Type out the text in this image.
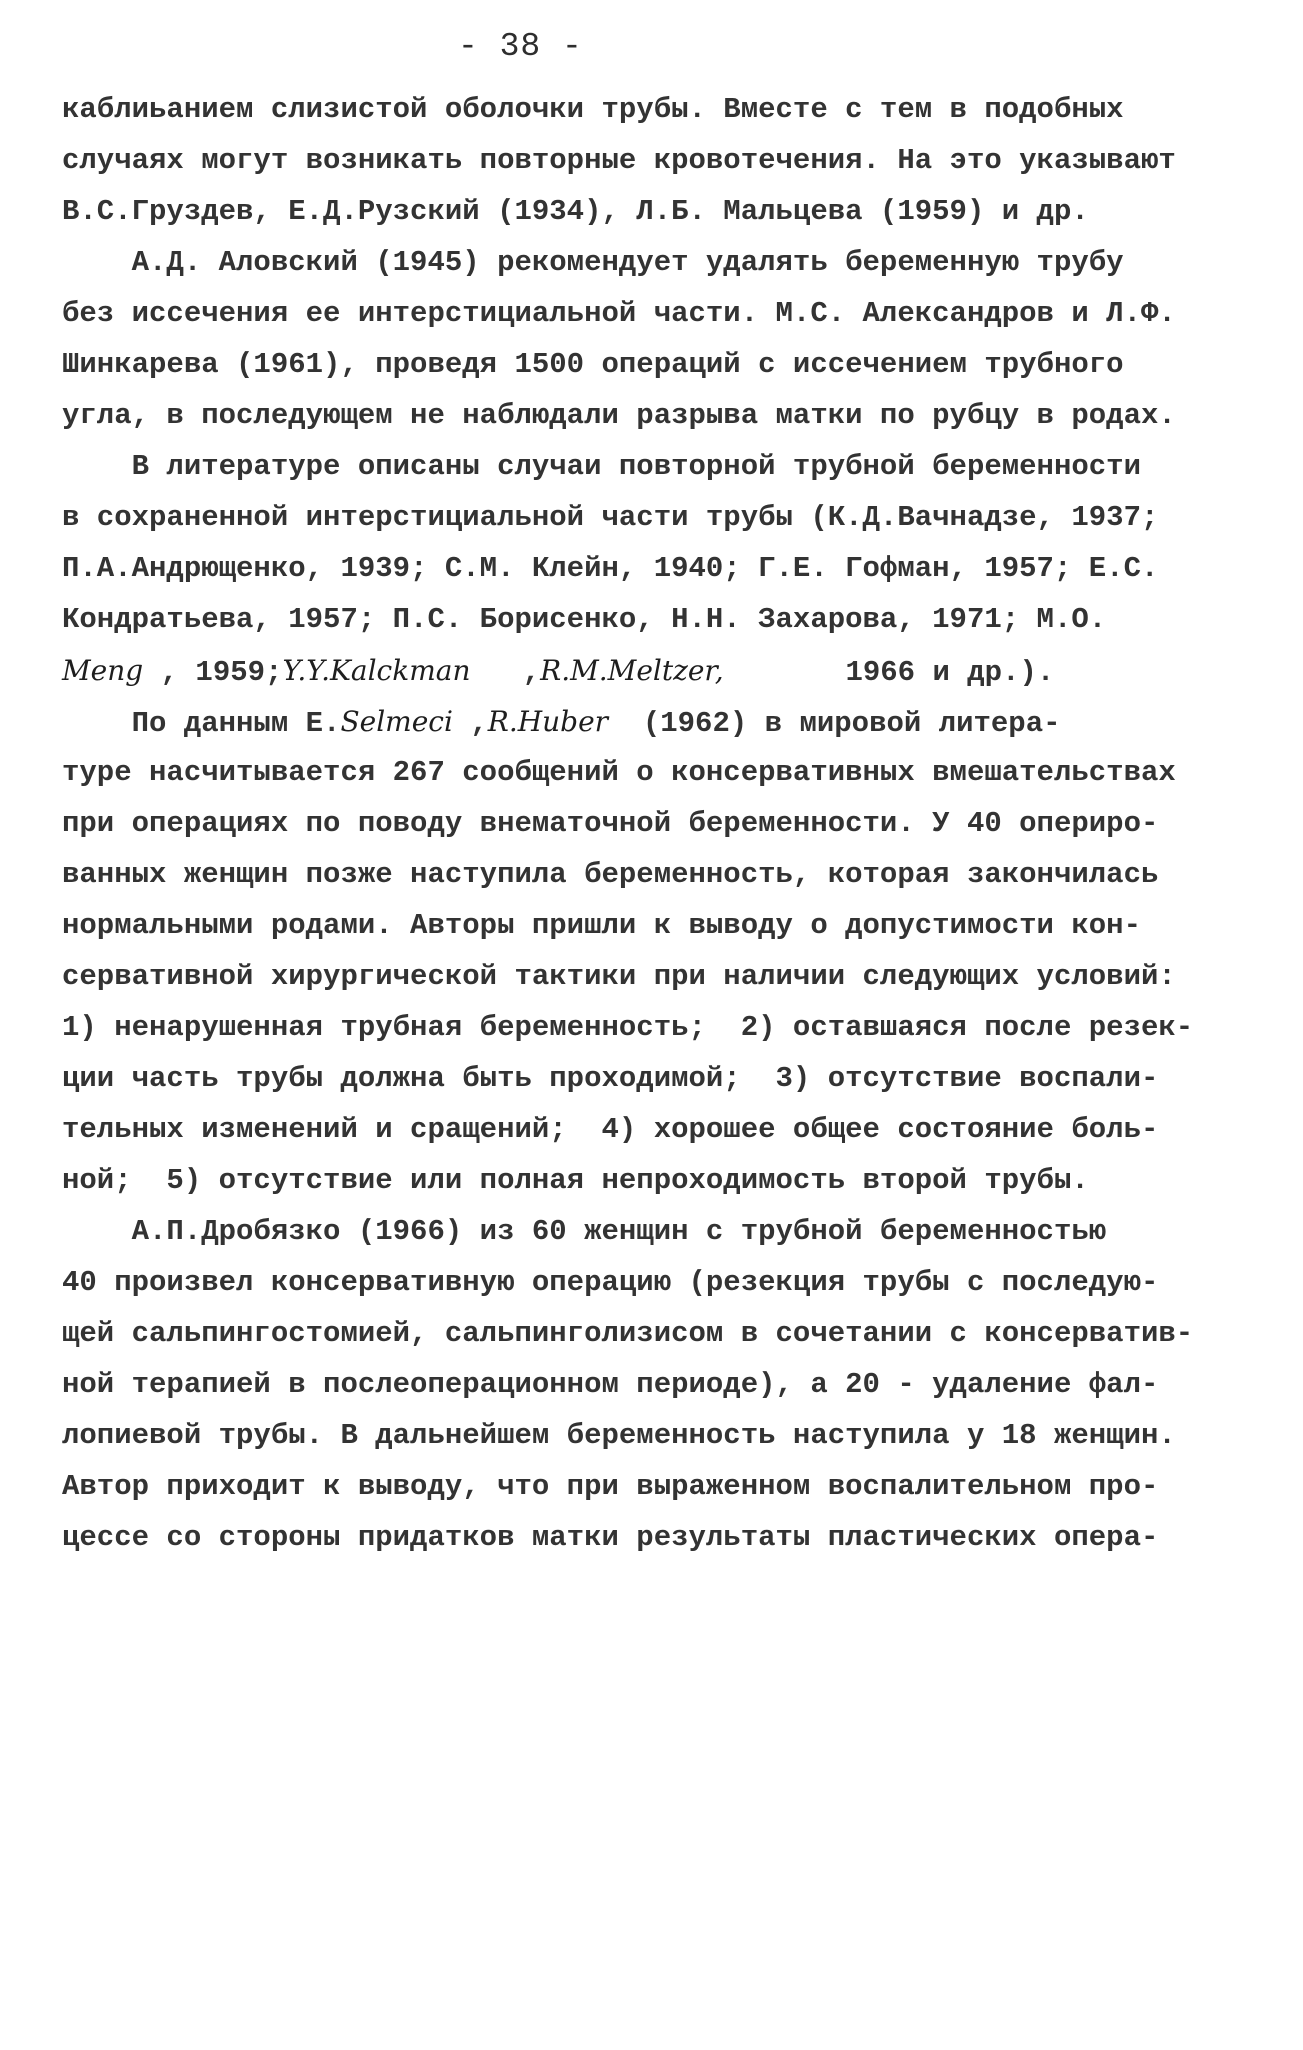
- 38 -
каблиьанием слизистой оболочки трубы. Вместе с тем в подобных
случаях могут возникать повторные кровотечения. На это указывают
В.С.Груздев, Е.Д.Рузский (1934), Л.Б. Мальцева (1959) и др.
А.Д. Аловский (1945) рекомендует удалять беременную трубу
без иссечения ее интерстициальной части. М.С. Александров и Л.Ф.
Шинкарева (1961), проведя 1500 операций с иссечением трубного
угла, в последующем не наблюдали разрыва матки по рубцу в родах.
В литературе описаны случаи повторной трубной беременности
в сохраненной интерстициальной части трубы (К.Д.Вачнадзе, 1937;
П.А.Андрющенко, 1939; С.М. Клейн, 1940; Г.Е. Гофман, 1957; Е.С.
Кондратьева, 1957; П.С. Борисенко, Н.Н. Захарова, 1971; М.О.
Meng , 1959;Y.Y.Kalckman   ,R.M.Meltzer,       1966 и др.).
По данным Е.Selmeci ,R.Huber  (1962) в мировой литера-
туре насчитывается 267 сообщений о консервативных вмешательствах
при операциях по поводу внематочной беременности. У 40 опериро-
ванных женщин позже наступила беременность, которая закончилась
нормальными родами. Авторы пришли к выводу о допустимости кон-
сервативной хирургической тактики при наличии следующих условий:
1) ненарушенная трубная беременность;  2) оставшаяся после резек-
ции часть трубы должна быть проходимой;  3) отсутствие воспали-
тельных изменений и сращений;  4) хорошее общее состояние боль-
ной;  5) отсутствие или полная непроходимость второй трубы.
А.П.Дробязко (1966) из 60 женщин с трубной беременностью
40 произвел консервативную операцию (резекция трубы с последую-
щей сальпингостомией, сальпинголизисом в сочетании с консерватив-
ной терапией в послеоперационном периоде), а 20 - удаление фал-
лопиевой трубы. В дальнейшем беременность наступила у 18 женщин.
Автор приходит к выводу, что при выраженном воспалительном про-
цессе со стороны придатков матки результаты пластических опера-
